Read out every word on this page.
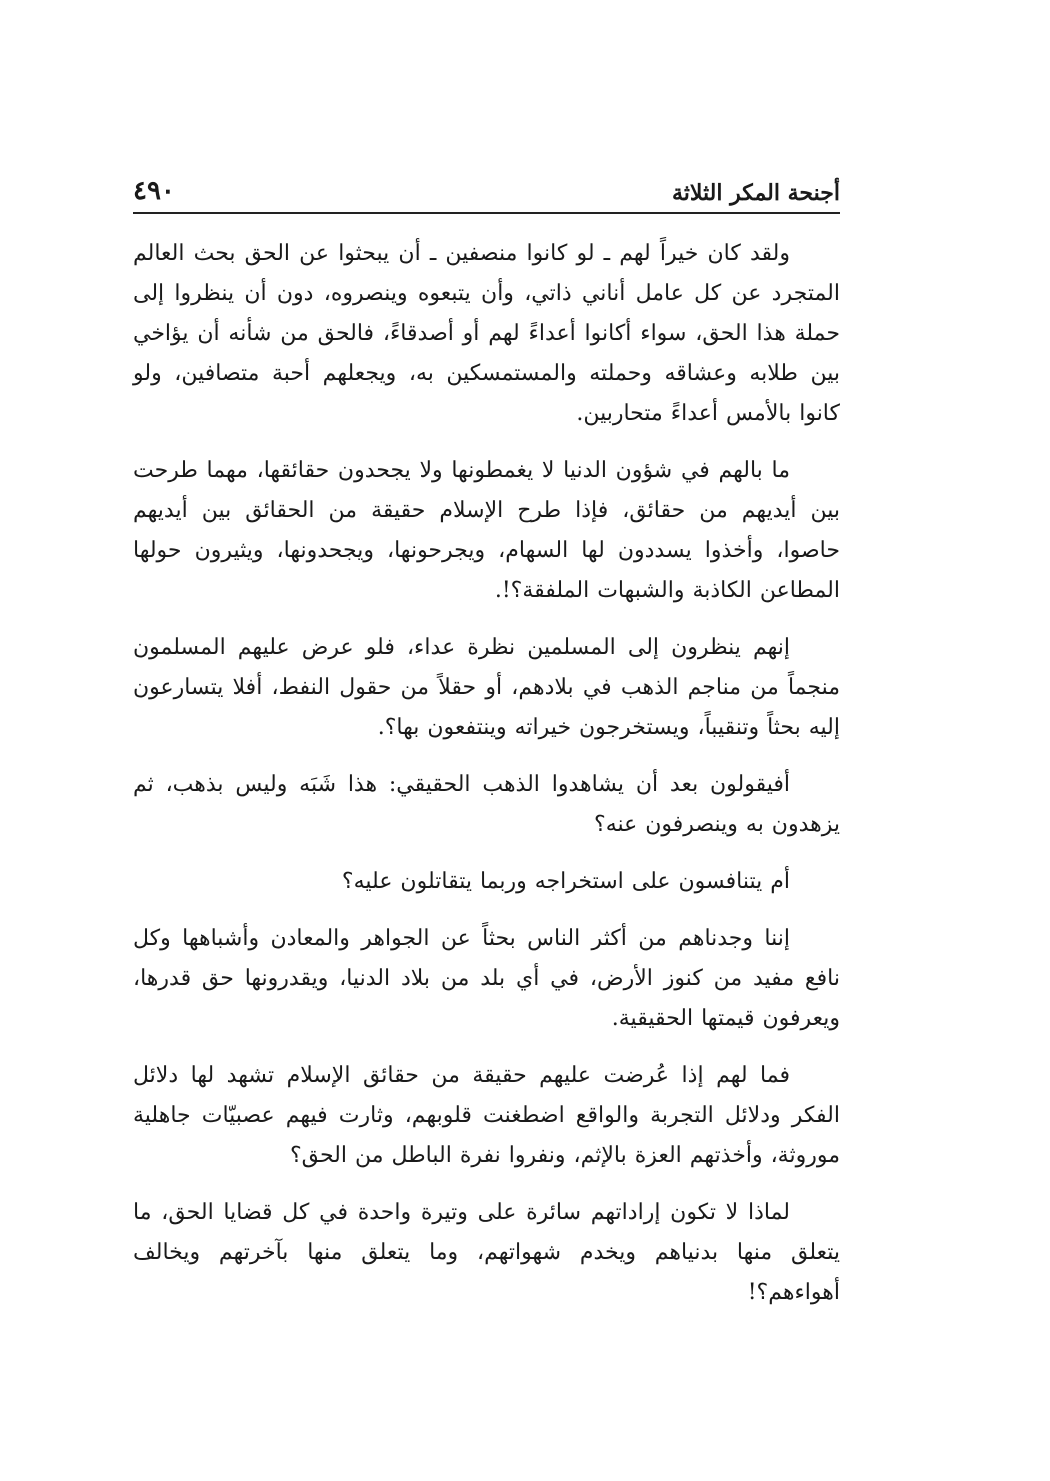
أجنحة المكر الثلاثة
٤٩٠

ولقد كان خيراً لهم ـ لو كانوا منصفين ـ أن يبحثوا عن الحق بحث العالم المتجرد عن كل عامل أناني ذاتي، وأن يتبعوه وينصروه، دون أن ينظروا إلى حملة هذا الحق، سواء أكانوا أعداءً لهم أو أصدقاءً، فالحق من شأنه أن يؤاخي بين طلابه وعشاقه وحملته والمستمسكين به، ويجعلهم أحبة متصافين، ولو كانوا بالأمس أعداءً متحاربين.

ما بالهم في شؤون الدنيا لا يغمطونها ولا يجحدون حقائقها، مهما طرحت بين أيديهم من حقائق، فإذا طرح الإسلام حقيقة من الحقائق بين أيديهم حاصوا، وأخذوا يسددون لها السهام، ويجرحونها، ويجحدونها، ويثيرون حولها المطاعن الكاذبة والشبهات الملفقة؟!.

إنهم ينظرون إلى المسلمين نظرة عداء، فلو عرض عليهم المسلمون منجماً من مناجم الذهب في بلادهم، أو حقلاً من حقول النفط، أفلا يتسارعون إليه بحثاً وتنقيباً، ويستخرجون خيراته وينتفعون بها؟.

أفيقولون بعد أن يشاهدوا الذهب الحقيقي: هذا شَبَه وليس بذهب، ثم يزهدون به وينصرفون عنه؟

أم يتنافسون على استخراجه وربما يتقاتلون عليه؟

إننا وجدناهم من أكثر الناس بحثاً عن الجواهر والمعادن وأشباهها وكل نافع مفيد من كنوز الأرض، في أي بلد من بلاد الدنيا، ويقدرونها حق قدرها، ويعرفون قيمتها الحقيقية.

فما لهم إذا عُرضت عليهم حقيقة من حقائق الإسلام تشهد لها دلائل الفكر ودلائل التجربة والواقع اضطغنت قلوبهم، وثارت فيهم عصبيّات جاهلية موروثة، وأخذتهم العزة بالإثم، ونفروا نفرة الباطل من الحق؟

لماذا لا تكون إراداتهم سائرة على وتيرة واحدة في كل قضايا الحق، ما يتعلق منها بدنياهم ويخدم شهواتهم، وما يتعلق منها بآخرتهم ويخالف أهواءهم؟!
